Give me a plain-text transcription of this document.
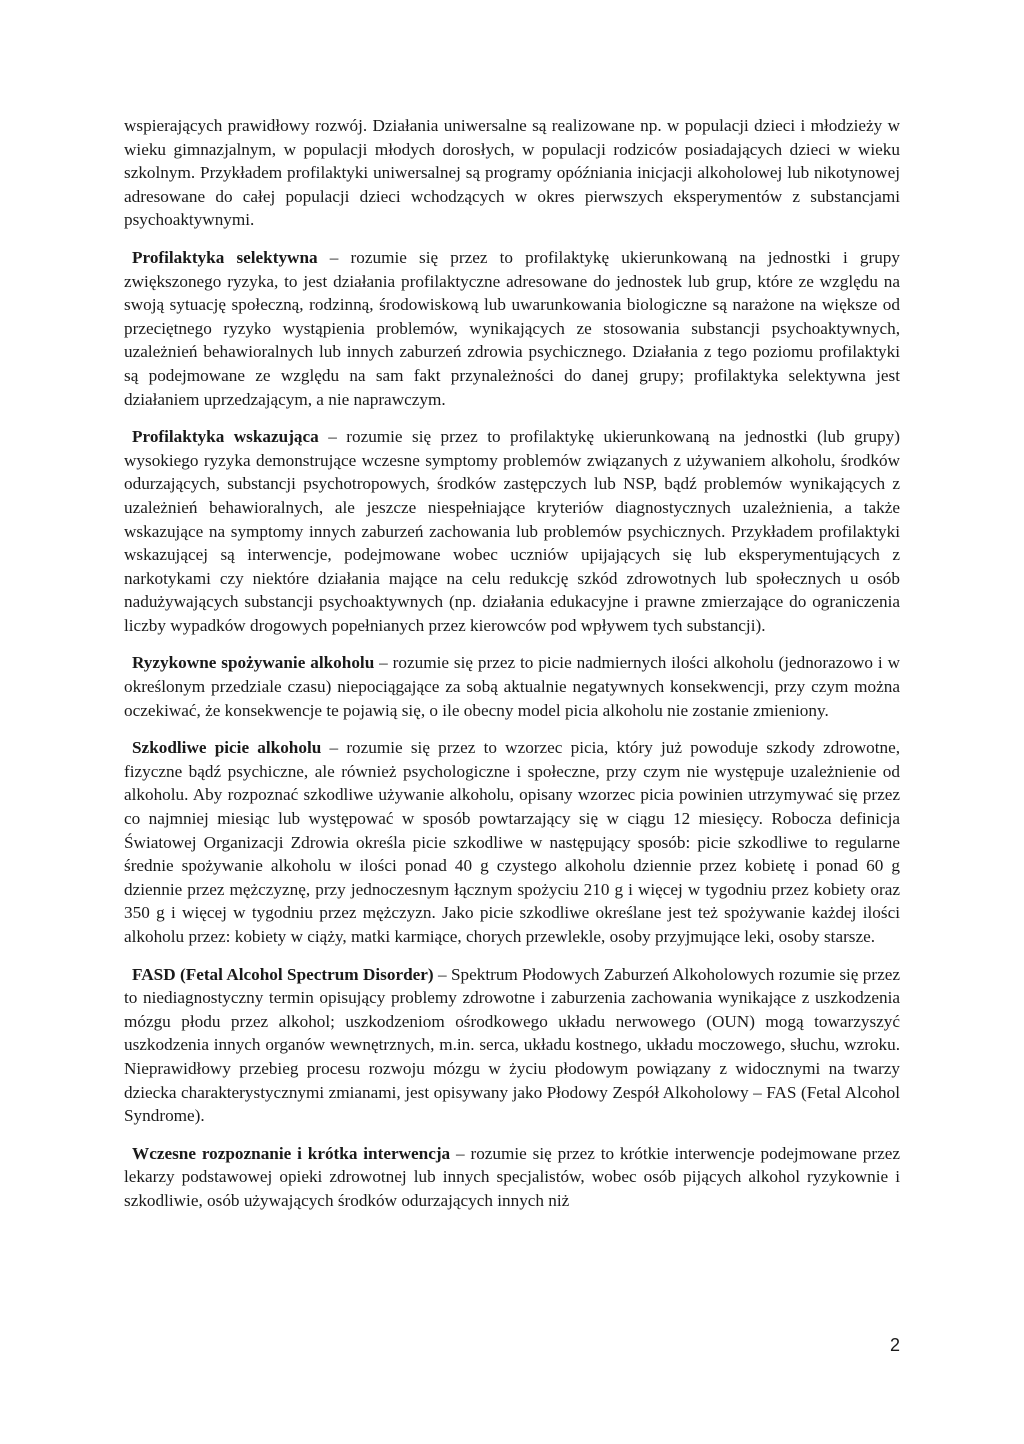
wspierających prawidłowy rozwój. Działania uniwersalne są realizowane np. w populacji dzieci i młodzieży w wieku gimnazjalnym, w populacji młodych dorosłych, w populacji rodziców posiadających dzieci w wieku szkolnym. Przykładem profilaktyki uniwersalnej są programy opóźniania inicjacji alkoholowej lub nikotynowej adresowane do całej populacji dzieci wchodzących w okres pierwszych eksperymentów z substancjami psychoaktywnymi.

Profilaktyka selektywna – rozumie się przez to profilaktykę ukierunkowaną na jednostki i grupy zwiększonego ryzyka, to jest działania profilaktyczne adresowane do jednostek lub grup, które ze względu na swoją sytuację społeczną, rodzinną, środowiskową lub uwarunkowania biologiczne są narażone na większe od przeciętnego ryzyko wystąpienia problemów, wynikających ze stosowania substancji psychoaktywnych, uzależnień behawioralnych lub innych zaburzeń zdrowia psychicznego. Działania z tego poziomu profilaktyki są podejmowane ze względu na sam fakt przynależności do danej grupy; profilaktyka selektywna jest działaniem uprzedzającym, a nie naprawczym.

Profilaktyka wskazująca – rozumie się przez to profilaktykę ukierunkowaną na jednostki (lub grupy) wysokiego ryzyka demonstrujące wczesne symptomy problemów związanych z używaniem alkoholu, środków odurzających, substancji psychotropowych, środków zastępczych lub NSP, bądź problemów wynikających z uzależnień behawioralnych, ale jeszcze niespełniające kryteriów diagnostycznych uzależnienia, a także wskazujące na symptomy innych zaburzeń zachowania lub problemów psychicznych. Przykładem profilaktyki wskazującej są interwencje, podejmowane wobec uczniów upijających się lub eksperymentujących z narkotykami czy niektóre działania mające na celu redukcję szkód zdrowotnych lub społecznych u osób nadużywających substancji psychoaktywnych (np. działania edukacyjne i prawne zmierzające do ograniczenia liczby wypadków drogowych popełnianych przez kierowców pod wpływem tych substancji).

Ryzykowne spożywanie alkoholu – rozumie się przez to picie nadmiernych ilości alkoholu (jednorazowo i w określonym przedziale czasu) niepociągające za sobą aktualnie negatywnych konsekwencji, przy czym można oczekiwać, że konsekwencje te pojawią się, o ile obecny model picia alkoholu nie zostanie zmieniony.

Szkodliwe picie alkoholu – rozumie się przez to wzorzec picia, który już powoduje szkody zdrowotne, fizyczne bądź psychiczne, ale również psychologiczne i społeczne, przy czym nie występuje uzależnienie od alkoholu. Aby rozpoznać szkodliwe używanie alkoholu, opisany wzorzec picia powinien utrzymywać się przez co najmniej miesiąc lub występować w sposób powtarzający się w ciągu 12 miesięcy. Robocza definicja Światowej Organizacji Zdrowia określa picie szkodliwe w następujący sposób: picie szkodliwe to regularne średnie spożywanie alkoholu w ilości ponad 40 g czystego alkoholu dziennie przez kobietę i ponad 60 g dziennie przez mężczyznę, przy jednoczesnym łącznym spożyciu 210 g i więcej w tygodniu przez kobiety oraz 350 g i więcej w tygodniu przez mężczyzn. Jako picie szkodliwe określane jest też spożywanie każdej ilości alkoholu przez: kobiety w ciąży, matki karmiące, chorych przewlekle, osoby przyjmujące leki, osoby starsze.

FASD (Fetal Alcohol Spectrum Disorder) – Spektrum Płodowych Zaburzeń Alkoholowych rozumie się przez to niediagnostyczny termin opisujący problemy zdrowotne i zaburzenia zachowania wynikające z uszkodzenia mózgu płodu przez alkohol; uszkodzeniom ośrodkowego układu nerwowego (OUN) mogą towarzyszyć uszkodzenia innych organów wewnętrznych, m.in. serca, układu kostnego, układu moczowego, słuchu, wzroku. Nieprawidłowy przebieg procesu rozwoju mózgu w życiu płodowym powiązany z widocznymi na twarzy dziecka charakterystycznymi zmianami, jest opisywany jako Płodowy Zespół Alkoholowy – FAS (Fetal Alcohol Syndrome).

Wczesne rozpoznanie i krótka interwencja – rozumie się przez to krótkie interwencje podejmowane przez lekarzy podstawowej opieki zdrowotnej lub innych specjalistów, wobec osób pijących alkohol ryzykownie i szkodliwie, osób używających środków odurzających innych niż

2
